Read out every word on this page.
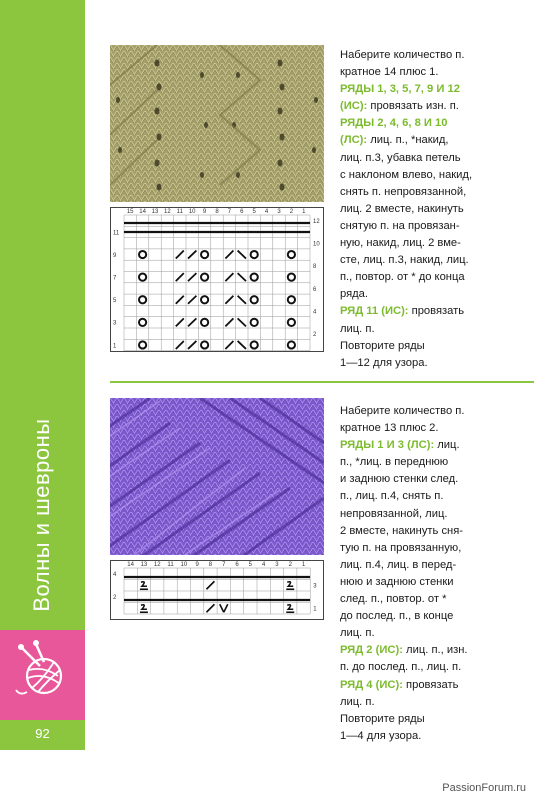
Волны и шевроны
92
15 14 13 12 11 10 9 8 7 6 5 4 3 2 1
12
10
8
6
4
2
11
9
7
5
3
1

Наберите количество п.

кратное 14 плюс 1.

РЯДЫ 1, 3, 5, 7, 9 И 12

(ИС): провязать изн. п.

РЯДЫ 2, 4, 6, 8 И 10

(ЛС): лиц. п., *накид,

лиц. п.3, убавка петель

с наклоном влево, накид,

снять п. непровязанной,

лиц. 2 вместе, накинуть

снятую п. на провязан-

ную, накид, лиц. 2 вме-

сте, лиц. п.3, накид, лиц.

п., повтор. от * до конца

ряда.

РЯД 11 (ИС): провязать

лиц. п.

Повторите ряды

1—12 для узора.

14 13 12 11 10 9 8 7 6 5 4 3 2 1
4
2
3
1

Наберите количество п.

кратное 13 плюс 2.

РЯДЫ 1 И 3 (ЛС): лиц.

п., *лиц. в переднюю

и заднюю стенки след.

п., лиц. п.4, снять п.

непровязанной, лиц.

2 вместе, накинуть сня-

тую п. на провязанную,

лиц. п.4, лиц. в перед-

нюю и заднюю стенки

след. п., повтор. от *

до послед. п., в конце

лиц. п.

РЯД 2 (ИС): лиц. п., изн.

п. до послед. п., лиц. п.

РЯД 4 (ИС): провязать

лиц. п.

Повторите ряды

1—4 для узора.

PassionForum.ru
